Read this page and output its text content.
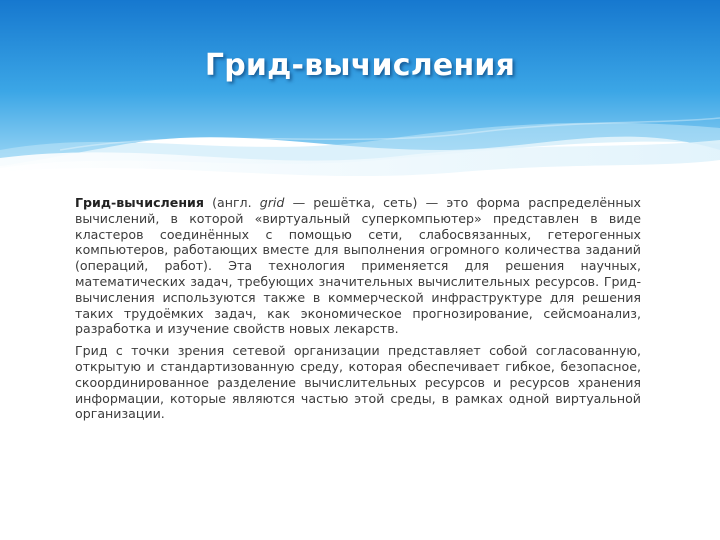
Грид-вычисления

Грид-вычисления (англ. grid — решётка, сеть) — это форма распределённых вычислений, в которой «виртуальный суперкомпьютер» представлен в виде кластеров соединённых с помощью сети, слабосвязанных, гетерогенных компьютеров, работающих вместе для выполнения огромного количества заданий (операций, работ). Эта технология применяется для решения научных, математических задач, требующих значительных вычислительных ресурсов. Грид-вычисления используются также в коммерческой инфраструктуре для решения таких трудоёмких задач, как экономическое прогнозирование, сейсмоанализ, разработка и изучение свойств новых лекарств.

Грид с точки зрения сетевой организации представляет собой согласованную, открытую и стандартизованную среду, которая обеспечивает гибкое, безопасное, скоординированное разделение вычислительных ресурсов и ресурсов хранения информации, которые являются частью этой среды, в рамках одной виртуальной организации.
